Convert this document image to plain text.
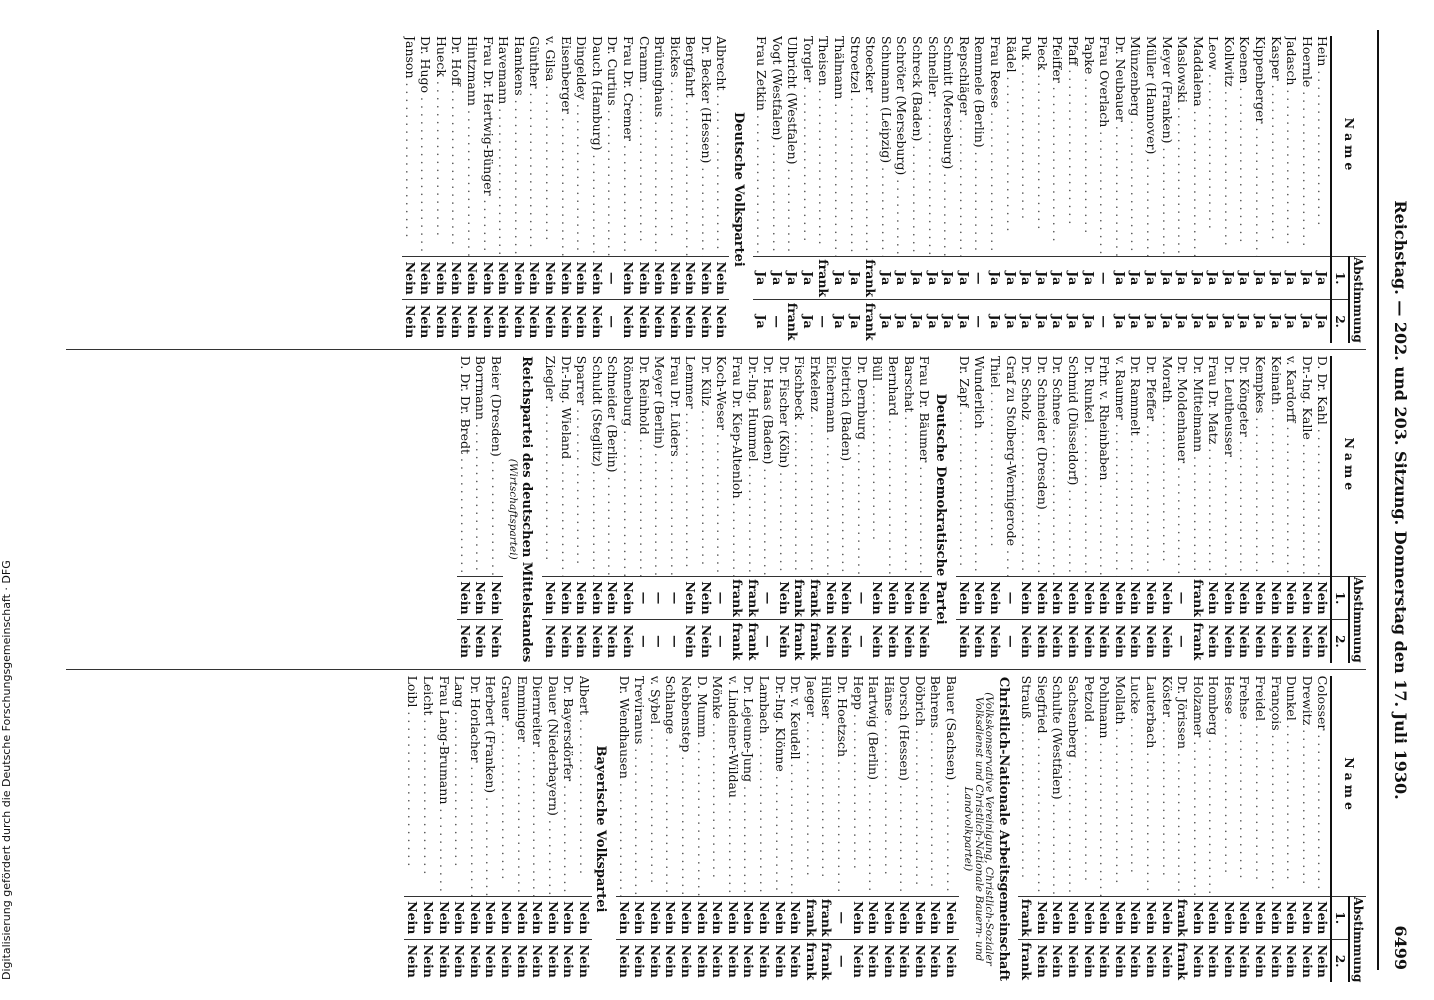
Reichstag. — 202. und 203. Sitzung. Donnerstag den 17. Juli 1930.
6499
Name	Abstimmung	
	1.	2.
Hein . . .	Ja	Ja
Hoernle . . .	Ja	Ja
Jadasch . . .	Ja	Ja
Kasper . . .	Ja	Ja
Kippenberger . . .	Ja	Ja
Koenen . . .	Ja	Ja
Kollwitz . . .	Ja	Ja
Leow . . .	Ja	Ja
Maddalena . . .	Ja	Ja
Maslowski . . .	Ja	Ja
Meyer (Franken) . . .	Ja	Ja
Müller (Hannover) . . .	Ja	Ja
Münzenberg . . .	Ja	Ja
Dr. Neubauer . . .	Ja	Ja
Frau Overlach . . .	—	—
Papke . . .	Ja	Ja
Pfaff . . .	Ja	Ja
Pfeiffer . . .	Ja	Ja
Pieck . . .	Ja	Ja
Puk . . .	Ja	Ja
Rädel . . .	Ja	Ja
Frau Reese . . .	Ja	Ja
Remmele (Berlin) . . .	—	—
Repschläger . . .	Ja	Ja
Schmitt (Merseburg) . . .	Ja	Ja
Schneller . . .	Ja	Ja
Schreck (Baden) . . .	Ja	Ja
Schröter (Merseburg) . . .	Ja	Ja
Schumann (Leipzig) . . .	Ja	Ja
Stoecker . . .	frank	frank
Stroetzel . . .	Ja	Ja
Thälmann . . .	Ja	Ja
Theisen . . .	frank	—
Torgler . . .	Ja	Ja
Ulbricht (Westfalen) . . .	Ja	frank
Vogt (Westfalen) . . .	Ja	—
Frau Zetkin . . .	Ja	Ja
Deutsche Volkspartei		
Albrecht . . .	Nein	Nein
Dr. Becker (Hessen) . . .	Nein	Nein
Bergfahrt . . .	Nein	Nein
Bickes . . .	Nein	Nein
Brüninghaus . . .	Nein	Nein
Cramm . . .	Nein	Nein
Frau Dr. Cremer . . .	Nein	Nein
Dr. Curtius . . .	—	—
Dauch (Hamburg) . . .	Nein	Nein
Dingeldey . . .	Nein	Nein
Eisenberger . . .	Nein	Nein
v. Gilsa . . .	Nein	Nein
Günther . . .	Nein	Nein
Hamkens . . .	Nein	Nein
Havemann . . .	Nein	Nein
Frau Dr. Hertwig-Bünger . . .	Nein	Nein
Hintzmann . . .	Nein	Nein
Dr. Hoff . . .	Nein	Nein
Hueck . . .	Nein	Nein
Dr. Hugo . . .	Nein	Nein
Janson . . .	Nein	Nein
Name	Abstimmung	
	1.	2.
D. Dr. Kahl . . .	Nein	Nein
Dr.-Ing. Kalle . . .	Nein	Nein
v. Kardorff . . .	Nein	Nein
Keinath . . .	Nein	Nein
Kempkes . . .	Nein	Nein
Dr. Köngeter . . .	Nein	Nein
Dr. Leutheusser . . .	Nein	Nein
Frau Dr. Matz . . .	Nein	Nein
Dr. Mittelmann . . .	frank	frank
Dr. Moldenhauer . . .	—	—
Morath . . .	Nein	Nein
Dr. Pfeffer . . .	Nein	Nein
Dr. Rammelt . . .	Nein	Nein
v. Raumer . . .	Nein	Nein
Frhr. v. Rheinbaben . . .	Nein	Nein
Dr. Runkel . . .	Nein	Nein
Schmid (Düsseldorf) . . .	Nein	Nein
Dr. Schnee . . .	Nein	Nein
Dr. Schneider (Dresden) . . .	Nein	Nein
Dr. Scholz . . .	Nein	Nein
Graf zu Stolberg-Wernigerode . . .	—	—
Thiel . . .	Nein	Nein
Wunderlich . . .	Nein	Nein
Dr. Zapf . . .	Nein	Nein
Deutsche Demokratische Partei		
Frau Dr. Bäumer . . .	Nein	Nein
Barschat . . .	Nein	Nein
Bernhard . . .	Nein	Nein
Büll . . .	Nein	Nein
Dr. Dernburg . . .	—	—
Dietrich (Baden) . . .	Nein	Nein
Eichermann . . .	Nein	Nein
Erkelenz . . .	frank	frank
Fischbeck . . .	frank	frank
Dr. Fischer (Köln) . . .	Nein	Nein
Dr. Haas (Baden) . . .	—	—
Dr.-Ing. Hummel . . .	frank	frank
Frau Dr. Kiep-Altenloh . . .	frank	frank
Koch-Weser . . .	—	—
Dr. Külz . . .	Nein	Nein
Lemmer . . .	Nein	Nein
Frau Dr. Lüders . . .	—	—
Meyer (Berlin) . . .	—	—
Dr. Reinhold . . .	—	—
Rönneburg . . .	Nein	Nein
Schneider (Berlin) . . .	Nein	Nein
Schuldt (Steglitz) . . .	Nein	Nein
Sparrer . . .	Nein	Nein
Dr.-Ing. Wieland . . .	Nein	Nein
Ziegler . . .	Nein	Nein
Reichspartei des deutschen Mittelstandes		
(Wirtschaftspartei)		
Beier (Dresden) . . .	Nein	Nein
Borrmann . . .	Nein	Nein
D. Dr. Dr. Bredt . . .	Nein	Nein
Name	Abstimmung	
	1.	2.
Colosser . . .	Nein	Nein
Drewitz . . .	Nein	Nein
Dunkel . . .	Nein	Nein
François . . .	Nein	Nein
Freidel . . .	Nein	Nein
Frehse . . .	Nein	Nein
Hesse . . .	Nein	Nein
Homberg . . .	Nein	Nein
Holzamer . . .	Nein	Nein
Dr. Jörissen . . .	frank	frank
Köster . . .	Nein	Nein
Lauterbach . . .	Nein	Nein
Lucke . . .	Nein	Nein
Mollath . . .	Nein	Nein
Pohlmann . . .	Nein	Nein
Petzold . . .	Nein	Nein
Sachsenberg . . .	Nein	Nein
Schulte (Westfalen) . . .	Nein	Nein
Siegfried . . .	Nein	Nein
Strauß . . .	frank	frank
Christlich-Nationale Arbeitsgemeinschaft		
(Volkskonservative Vereinigung, Christlich-Sozialer Volksdienst und Christlich-Nationale Bauern- und Landvolkpartei)		
Bauer (Sachsen) . . .	Nein	Nein
Behrens . . .	Nein	Nein
Döbrich . . .	Nein	Nein
Dorsch (Hessen) . . .	Nein	Nein
Hänse . . .	Nein	Nein
Hartwig (Berlin) . . .	Nein	Nein
Hepp . . .	Nein	Nein
Dr. Hoetzsch . . .	—	—
Hülser . . .	frank	frank
Jaeger . . .	frank	frank
Dr. v. Keudell . . .	Nein	Nein
Dr.-Ing. Klönne . . .	Nein	Nein
Lambach . . .	Nein	Nein
Dr. Lejeune-Jung . . .	Nein	Nein
v. Lindeiner-Wildau . . .	Nein	Nein
Mönke . . .	Nein	Nein
D. Mumm . . .	Nein	Nein
Nebbenstep . . .	Nein	Nein
Schlange . . .	Nein	Nein
v. Sybel . . .	Nein	Nein
Treviranus . . .	Nein	Nein
Dr. Wendhausen . . .	Nein	Nein
Bayerische Volkspartei		
Albert . . .	Nein	Nein
Dr. Bayersdörfer . . .	Nein	Nein
Dauer (Niederbayern) . . .	Nein	Nein
Diernreiter . . .	Nein	Nein
Emminger . . .	Nein	Nein
Grauer . . .	Nein	Nein
Herbert (Franken) . . .	Nein	Nein
Dr. Horlacher . . .	Nein	Nein
Lang . . .	Nein	Nein
Frau Lang-Brumann . . .	Nein	Nein
Leicht . . .	Nein	Nein
Loibl . . .	Nein	Nein
Digitalisierung gefördert durch die Deutsche Forschungsgemeinschaft · DFG
